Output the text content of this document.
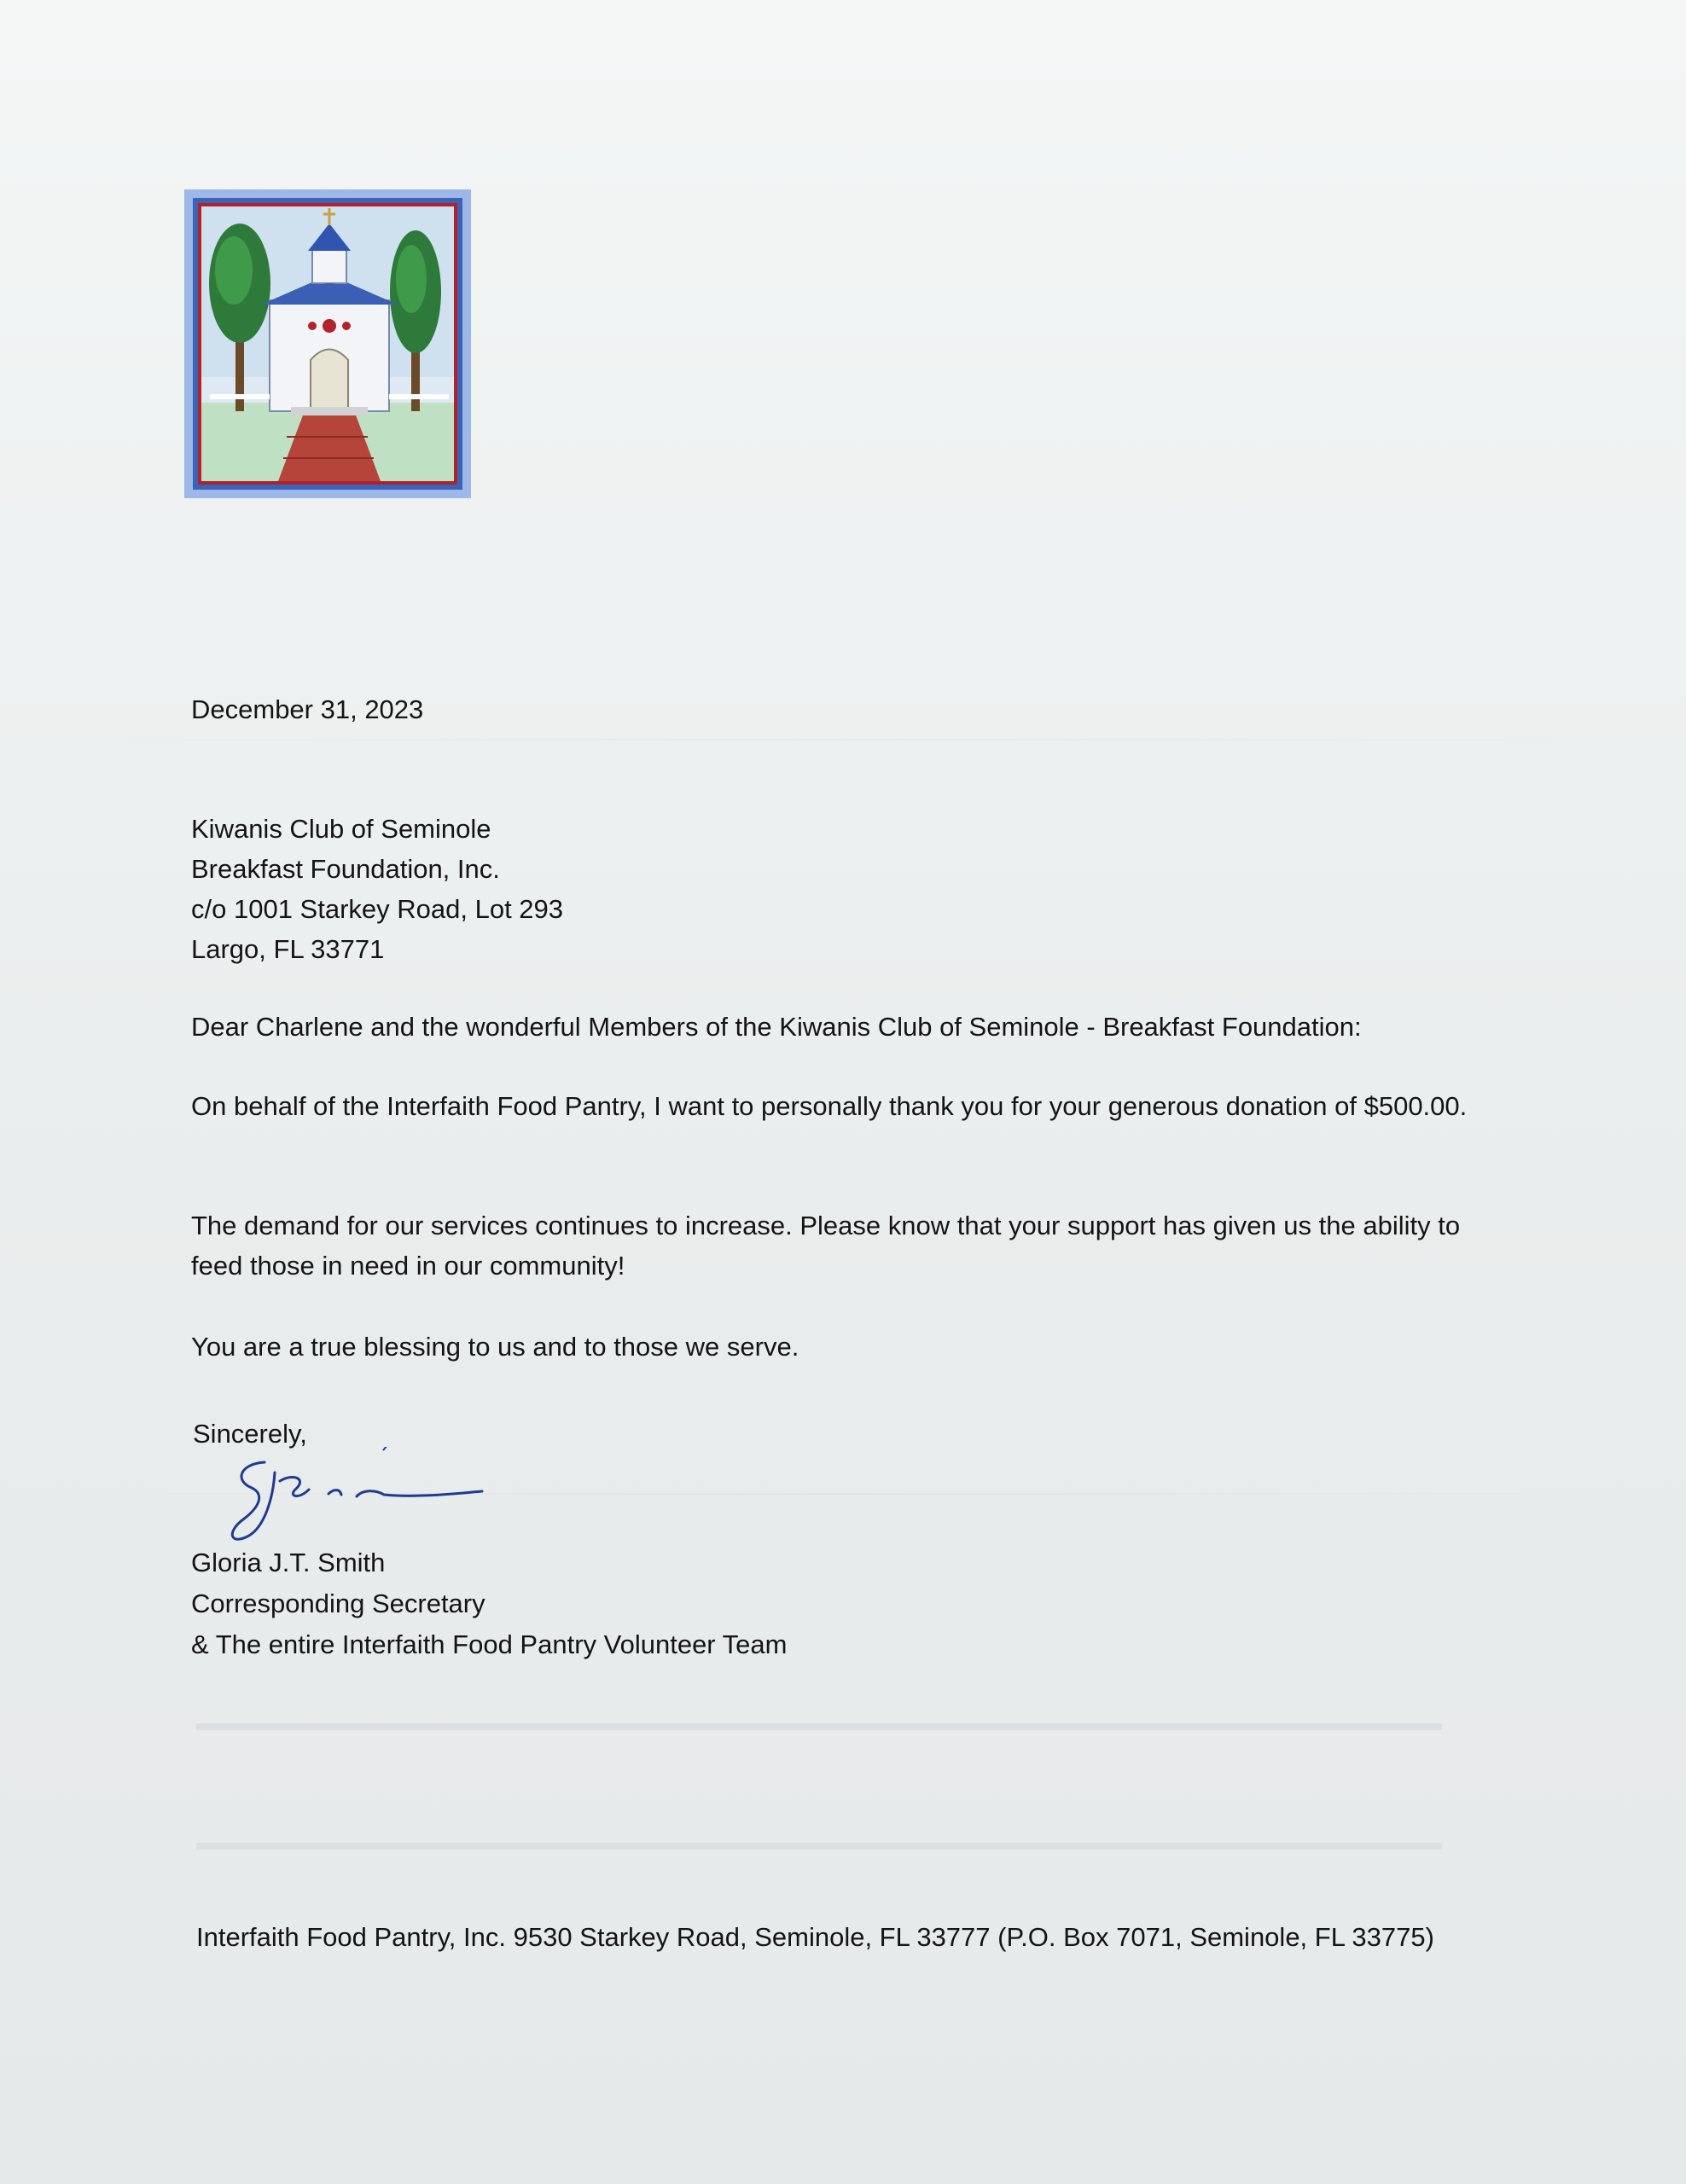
December 31, 2023

Kiwanis Club of Seminole
Breakfast Foundation, Inc.
c/o 1001 Starkey Road, Lot 293
Largo, FL 33771

Dear Charlene and the wonderful Members of the Kiwanis Club of Seminole - Breakfast Foundation:

On behalf of the Interfaith Food Pantry, I want to personally thank you for your generous donation of $500.00.

The demand for our services continues to increase. Please know that your support has given us the ability to feed those in need in our community!

You are a true blessing to us and to those we serve.

Sincerely,

Gloria J.T. Smith

Corresponding Secretary

& The entire Interfaith Food Pantry Volunteer Team

Interfaith Food Pantry, Inc. 9530 Starkey Road, Seminole, FL 33777 (P.O. Box 7071, Seminole, FL 33775)
